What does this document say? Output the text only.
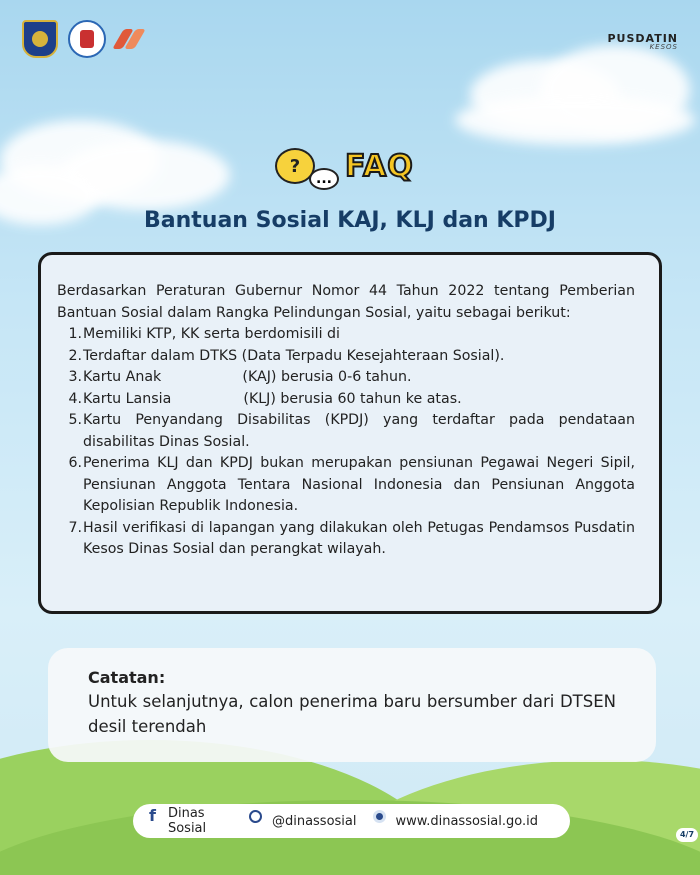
PUSDATIN
KESOS
?
... FAQ
Bantuan Sosial KAJ, KLJ dan KPDJ

Berdasarkan Peraturan Gubernur Nomor 44 Tahun 2022 tentang Pemberian Bantuan Sosial dalam Rangka Pelindungan Sosial, yaitu sebagai berikut:

1. Memiliki KTP, KK serta berdomisili di
2. Terdaftar dalam DTKS (Data Terpadu Kesejahteraan Sosial).
3. Kartu Anak                  (KAJ) berusia 0-6 tahun.
4. Kartu Lansia                (KLJ) berusia 60 tahun ke atas.
5. Kartu Penyandang Disabilitas (KPDJ) yang terdaftar pada pendataan disabilitas Dinas Sosial.
6. Penerima KLJ dan KPDJ bukan merupakan pensiunan Pegawai Negeri Sipil, Pensiunan Anggota Tentara Nasional Indonesia dan Pensiunan Anggota Kepolisian Republik Indonesia.
7. Hasil verifikasi di lapangan yang dilakukan oleh Petugas Pendamsos Pusdatin Kesos Dinas Sosial dan perangkat wilayah.
Catatan:
Untuk selanjutnya, calon penerima baru bersumber dari DTSEN desil terendah
f Dinas Sosial	@dinassosial	www.dinassosial.go.id
4/7
